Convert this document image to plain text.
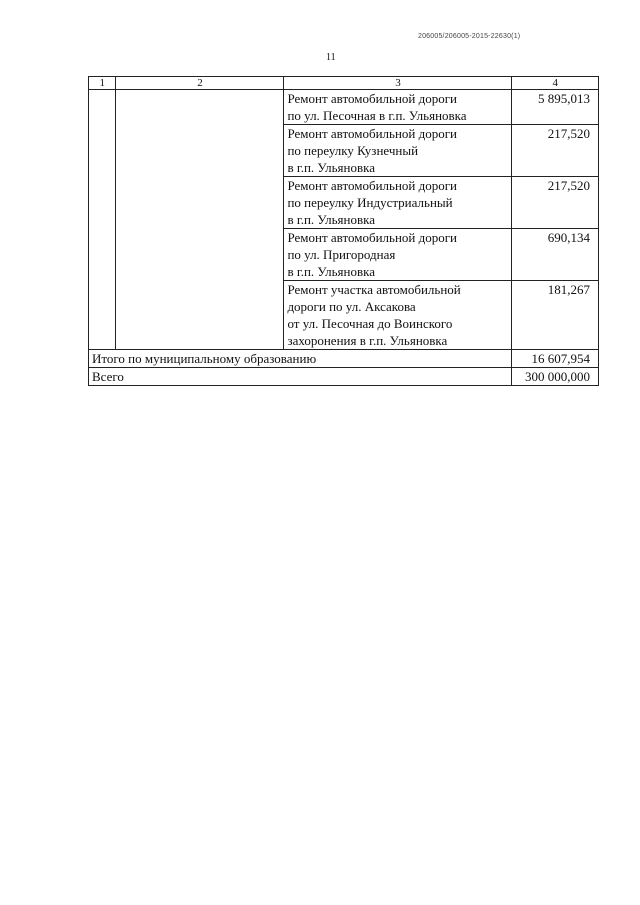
206005/206005-2015-22630(1)
11
1	2	3	4
		Ремонт автомобильной дороги
по ул. Песочная в г.п. Ульяновка	5 895,013
		Ремонт автомобильной дороги
по переулку Кузнечный
в г.п. Ульяновка	217,520
		Ремонт автомобильной дороги
по переулку Индустриальный
в г.п. Ульяновка	217,520
		Ремонт автомобильной дороги
по ул. Пригородная
в г.п. Ульяновка	690,134
		Ремонт участка автомобильной
дороги по ул. Аксакова
от ул. Песочная до Воинского
захоронения в г.п. Ульяновка	181,267
Итого по муниципальному образованию			16 607,954
Всего			300 000,000
